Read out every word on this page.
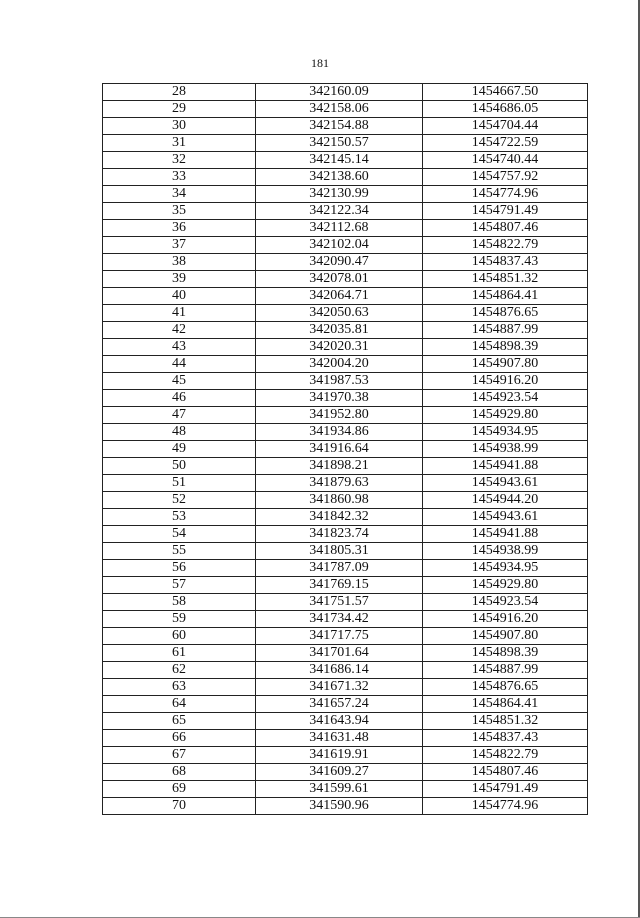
181
28	342160.09	1454667.50
29	342158.06	1454686.05
30	342154.88	1454704.44
31	342150.57	1454722.59
32	342145.14	1454740.44
33	342138.60	1454757.92
34	342130.99	1454774.96
35	342122.34	1454791.49
36	342112.68	1454807.46
37	342102.04	1454822.79
38	342090.47	1454837.43
39	342078.01	1454851.32
40	342064.71	1454864.41
41	342050.63	1454876.65
42	342035.81	1454887.99
43	342020.31	1454898.39
44	342004.20	1454907.80
45	341987.53	1454916.20
46	341970.38	1454923.54
47	341952.80	1454929.80
48	341934.86	1454934.95
49	341916.64	1454938.99
50	341898.21	1454941.88
51	341879.63	1454943.61
52	341860.98	1454944.20
53	341842.32	1454943.61
54	341823.74	1454941.88
55	341805.31	1454938.99
56	341787.09	1454934.95
57	341769.15	1454929.80
58	341751.57	1454923.54
59	341734.42	1454916.20
60	341717.75	1454907.80
61	341701.64	1454898.39
62	341686.14	1454887.99
63	341671.32	1454876.65
64	341657.24	1454864.41
65	341643.94	1454851.32
66	341631.48	1454837.43
67	341619.91	1454822.79
68	341609.27	1454807.46
69	341599.61	1454791.49
70	341590.96	1454774.96
